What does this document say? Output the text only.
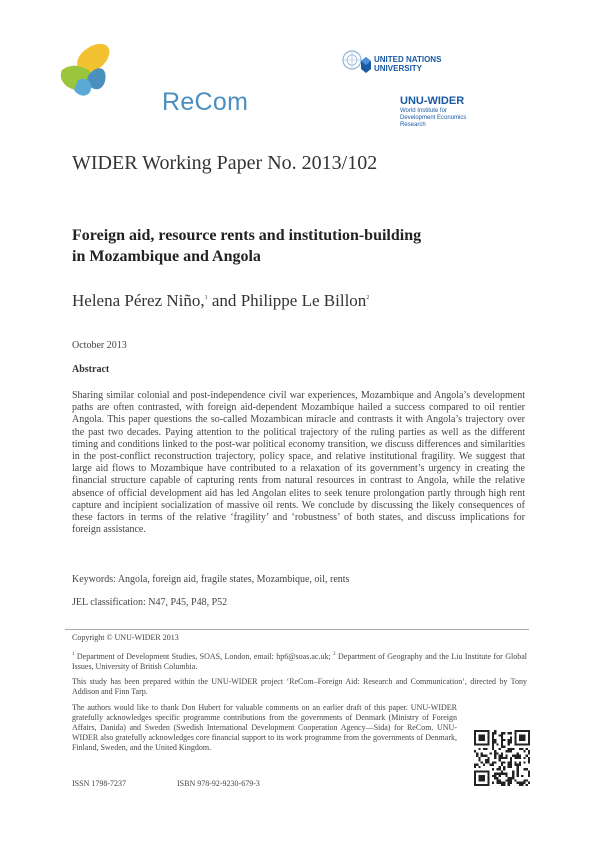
ReCom
UNITED NATIONS
UNIVERSITY
UNU-WIDER
World Institute for Development Economics Research
WIDER Working Paper No. 2013/102
Foreign aid, resource rents and institution-building
in Mozambique and Angola
Helena Pérez Niño,$^1$ and Philippe Le Billon$^2$
October 2013
Abstract
Sharing similar colonial and post-independence civil war experiences, Mozambique and Angola’s development paths are often contrasted, with foreign aid-dependent Mozambique hailed a success compared to oil rentier Angola. This paper questions the so-called Mozambican miracle and contrasts it with Angola’s trajectory over the past two decades. Paying attention to the political trajectory of the ruling parties as well as the different timing and conditions linked to the post-war political economy transition, we discuss differences and similarities in the post-conflict reconstruction trajectory, policy space, and relative institutional fragility. We suggest that large aid flows to Mozambique have contributed to a relaxation of its government’s urgency in creating the financial structure capable of capturing rents from natural resources in contrast to Angola, while the relative absence of official development aid has led Angolan elites to seek tenure prolongation partly through high rent capture and incipient socialization of massive oil rents. We conclude by discussing the likely consequences of these factors in terms of the relative ‘fragility’ and ‘robustness’ of both states, and discuss implications for foreign assistance.
Keywords: Angola, foreign aid, fragile states, Mozambique, oil, rents
JEL classification: N47, P45, P48, P52
Copyright © UNU-WIDER 2013
$^1$ Department of Development Studies, SOAS, London, email: hp6@soas.ac.uk; $^2$ Department of Geography and the Liu Institute for Global Issues, University of British Columbia.
This study has been prepared within the UNU-WIDER project ‘ReCom–Foreign Aid: Research and Communication’, directed by Tony Addison and Finn Tarp.
The authors would like to thank Don Hubert for valuable comments on an earlier draft of this paper. UNU-WIDER gratefully acknowledges specific programme contributions from the governments of Denmark (Ministry of Foreign Affairs, Danida) and Sweden (Swedish International Development Cooperation Agency—Sida) for ReCom. UNU-WIDER also gratefully acknowledges core financial support to its work programme from the governments of Denmark, Finland, Sweden, and the United Kingdom.
ISSN 1798-7237	ISBN 978-92-9230-679-3
